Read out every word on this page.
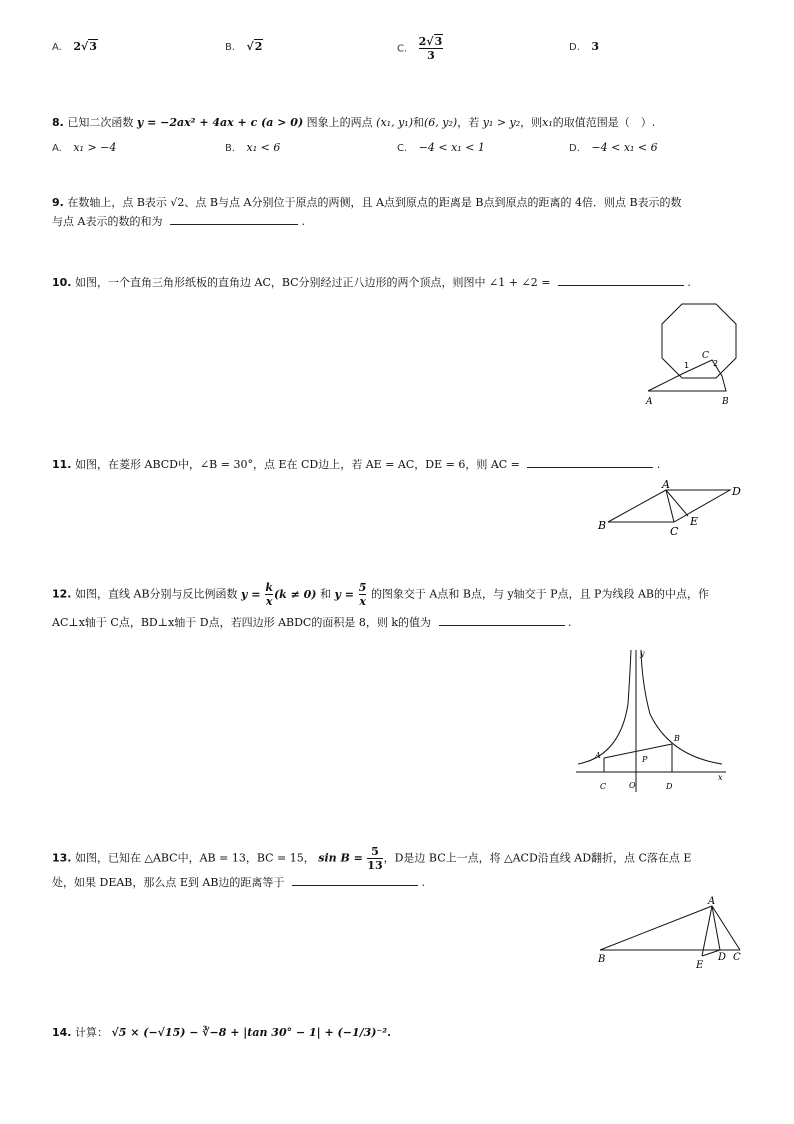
A. 2√3	B. √2	C. $\frac{2√3}{3}$	D. 3
8. 已知二次函数 y = −2ax² + 4ax + c (a > 0) 图象上的两点 (x₁, y₁)和(6, y₂)，若 y₁ > y₂，则x₁的取值范围是（　）.
A. x₁ > −4	B. x₁ < 6	C. −4 < x₁ < 1	D. −4 < x₁ < 6
9. 在数轴上，点 B表示 √2、点 B与点 A分别位于原点的两侧，且 A点到原点的距离是 B点到原点的距离的 4倍．则点 B表示的数
与点 A表示的数的和为	.
10. 如图，一个直角三角形纸板的直角边 AC，BC分别经过正八边形的两个顶点，则图中 ∠1 + ∠2 =	.
A	B
C
1	2
11. 如图，在菱形 ABCD中，∠B = 30°，点 E在 CD边上，若 AE = AC，DE = 6，则 AC =	.
A
B	C
D
E
12. 如图，直线 AB分别与反比例函数 $y = \frac{k}{x} (k \ne 0)$ 和 $y = \frac{5}{x}$ 的图象交于 A点和 B点，与 y轴交于 P点，且 P为线段 AB的中点，作
AC⊥x轴于 C点，BD⊥x轴于 D点，若四边形 ABDC的面积是 8，则 k的值为	.
x
y
A
B
C	D
O
P
13. 如图，已知在 △ABC中，AB = 13，BC = 15， $\sin B = \frac{5}{13}$ ，D是边 BC上一点，将 △ACD沿直线 AD翻折，点 C落在点 E
处，如果 DEAB，那么点 E到 AB边的距离等于	.
A
B	C
D
E
14. 计算： √5 × (−√15) − ∛−8 + |tan 30° − 1| + (−1/3)⁻².
